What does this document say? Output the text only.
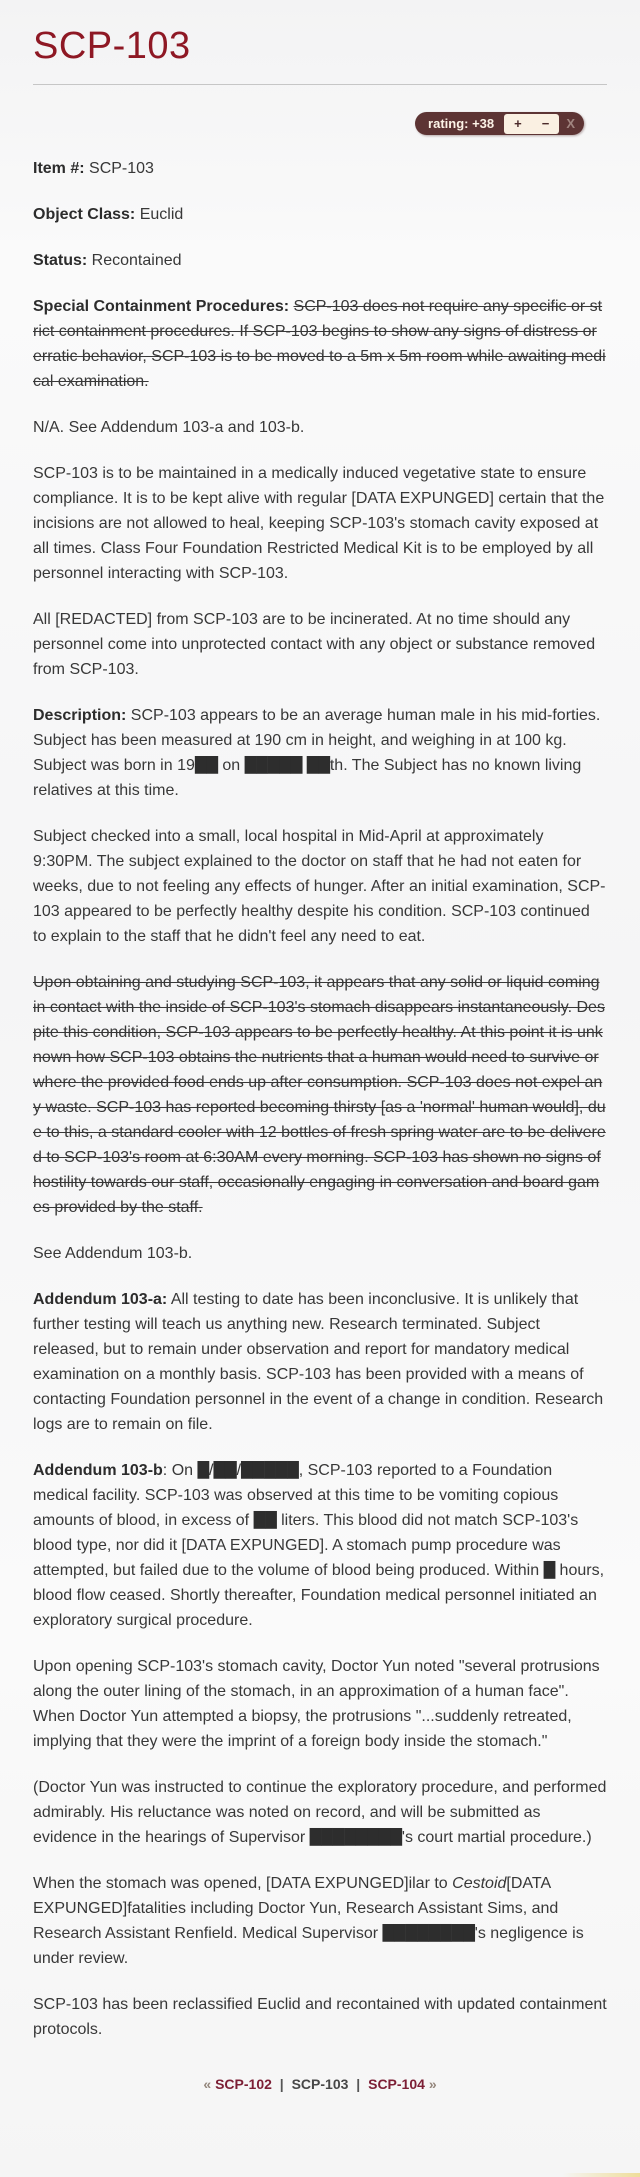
SCP-103
rating: +38	+	−	X

Item #: SCP-103

Object Class: Euclid

Status: Recontained

Special Containment Procedures: SCP-103 does not require any specific or strict containment procedures. If SCP-103 begins to show any signs of distress or erratic behavior, SCP-103 is to be moved to a 5m x 5m room while awaiting medical examination.

N/A. See Addendum 103-a and 103-b.

SCP-103 is to be maintained in a medically induced vegetative state to ensure compliance. It is to be kept alive with regular [DATA EXPUNGED] certain that the incisions are not allowed to heal, keeping SCP-103's stomach cavity exposed at all times. Class Four Foundation Restricted Medical Kit is to be employed by all personnel interacting with SCP-103.

All [REDACTED] from SCP-103 are to be incinerated. At no time should any personnel come into unprotected contact with any object or substance removed from SCP-103.

Description: SCP-103 appears to be an average human male in his mid-forties. Subject has been measured at 190 cm in height, and weighing in at 100 kg. Subject was born in 19██ on █████ ██th. The Subject has no known living relatives at this time.

Subject checked into a small, local hospital in Mid-April at approximately 9:30PM. The subject explained to the doctor on staff that he had not eaten for weeks, due to not feeling any effects of hunger. After an initial examination, SCP-103 appeared to be perfectly healthy despite his condition. SCP-103 continued to explain to the staff that he didn't feel any need to eat.

Upon obtaining and studying SCP-103, it appears that any solid or liquid coming in contact with the inside of SCP-103's stomach disappears instantaneously. Despite this condition, SCP-103 appears to be perfectly healthy. At this point it is unknown how SCP-103 obtains the nutrients that a human would need to survive or where the provided food ends up after consumption. SCP-103 does not expel any waste. SCP-103 has reported becoming thirsty [as a 'normal' human would], due to this, a standard cooler with 12 bottles of fresh spring water are to be delivered to SCP-103's room at 6:30AM every morning. SCP-103 has shown no signs of hostility towards our staff, occasionally engaging in conversation and board games provided by the staff.

See Addendum 103-b.

Addendum 103-a: All testing to date has been inconclusive. It is unlikely that further testing will teach us anything new. Research terminated. Subject released, but to remain under observation and report for mandatory medical examination on a monthly basis. SCP-103 has been provided with a means of contacting Foundation personnel in the event of a change in condition. Research logs are to remain on file.

Addendum 103-b: On █/██/█████, SCP-103 reported to a Foundation medical facility. SCP-103 was observed at this time to be vomiting copious amounts of blood, in excess of ██ liters. This blood did not match SCP-103's blood type, nor did it [DATA EXPUNGED]. A stomach pump procedure was attempted, but failed due to the volume of blood being produced. Within █ hours, blood flow ceased. Shortly thereafter, Foundation medical personnel initiated an exploratory surgical procedure.

Upon opening SCP-103's stomach cavity, Doctor Yun noted "several protrusions along the outer lining of the stomach, in an approximation of a human face". When Doctor Yun attempted a biopsy, the protrusions "...suddenly retreated, implying that they were the imprint of a foreign body inside the stomach."

(Doctor Yun was instructed to continue the exploratory procedure, and performed admirably. His reluctance was noted on record, and will be submitted as evidence in the hearings of Supervisor ████████'s court martial procedure.)

When the stomach was opened, [DATA EXPUNGED]ilar to Cestoid[DATA EXPUNGED]fatalities including Doctor Yun, Research Assistant Sims, and Research Assistant Renfield. Medical Supervisor ████████'s negligence is under review.

SCP-103 has been reclassified Euclid and recontained with updated containment protocols.

« SCP-102 | SCP-103 | SCP-104 »
